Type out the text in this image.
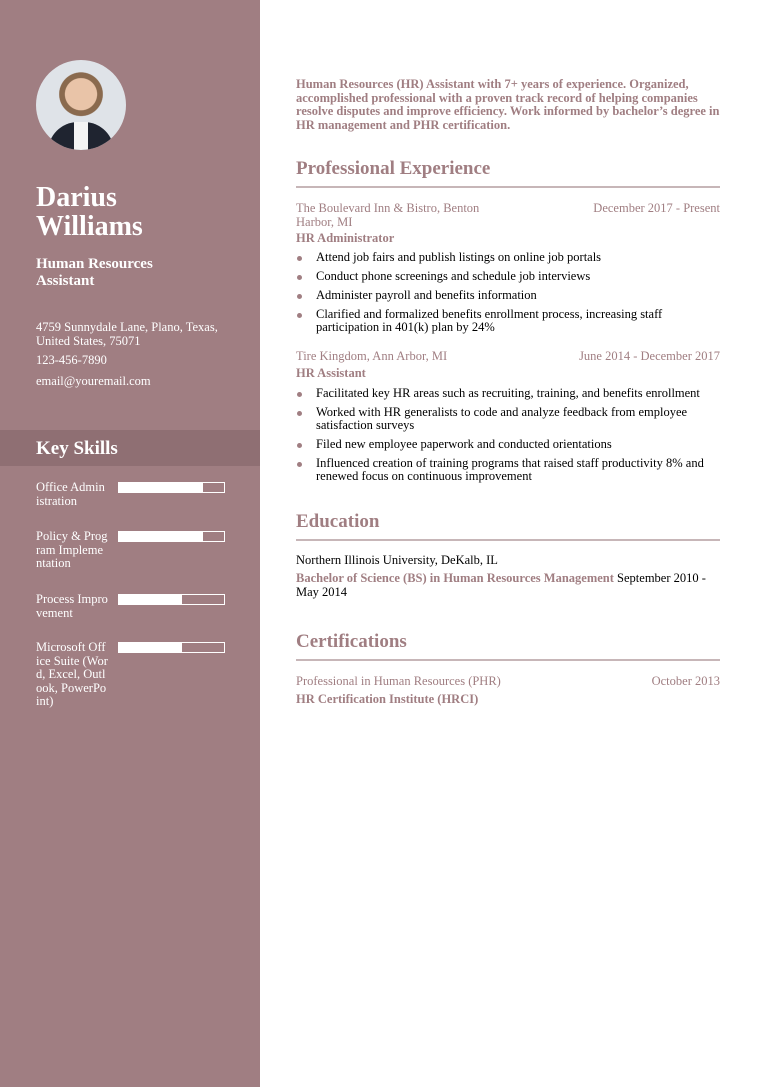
Darius Williams
Human Resources Assistant
4759 Sunnydale Lane, Plano, Texas, United States, 75071
123-456-7890
email@youremail.com
Key Skills
Office Administration
Policy & Program Implementation
Process Improvement
Microsoft Office Suite (Word, Excel, Outlook, PowerPoint)
Human Resources (HR) Assistant with 7+ years of experience. Organized, accomplished professional with a proven track record of helping companies resolve disputes and improve efficiency. Work informed by bachelor’s degree in HR management and PHR certification.
Professional Experience
The Boulevard Inn & Bistro, Benton Harbor, MI
December 2017 - Present
HR Administrator
Attend job fairs and publish listings on online job portals
Conduct phone screenings and schedule job interviews
Administer payroll and benefits information
Clarified and formalized benefits enrollment process, increasing staff participation in 401(k) plan by 24%
Tire Kingdom, Ann Arbor, MI	June 2014 - December 2017
HR Assistant
Facilitated key HR areas such as recruiting, training, and benefits enrollment
Worked with HR generalists to code and analyze feedback from employee satisfaction surveys
Filed new employee paperwork and conducted orientations
Influenced creation of training programs that raised staff productivity 8% and renewed focus on continuous improvement
Education
Northern Illinois University, DeKalb, IL
Bachelor of Science (BS) in Human Resources Management September 2010 - May 2014
Certifications
Professional in Human Resources (PHR)	October 2013
HR Certification Institute (HRCI)
